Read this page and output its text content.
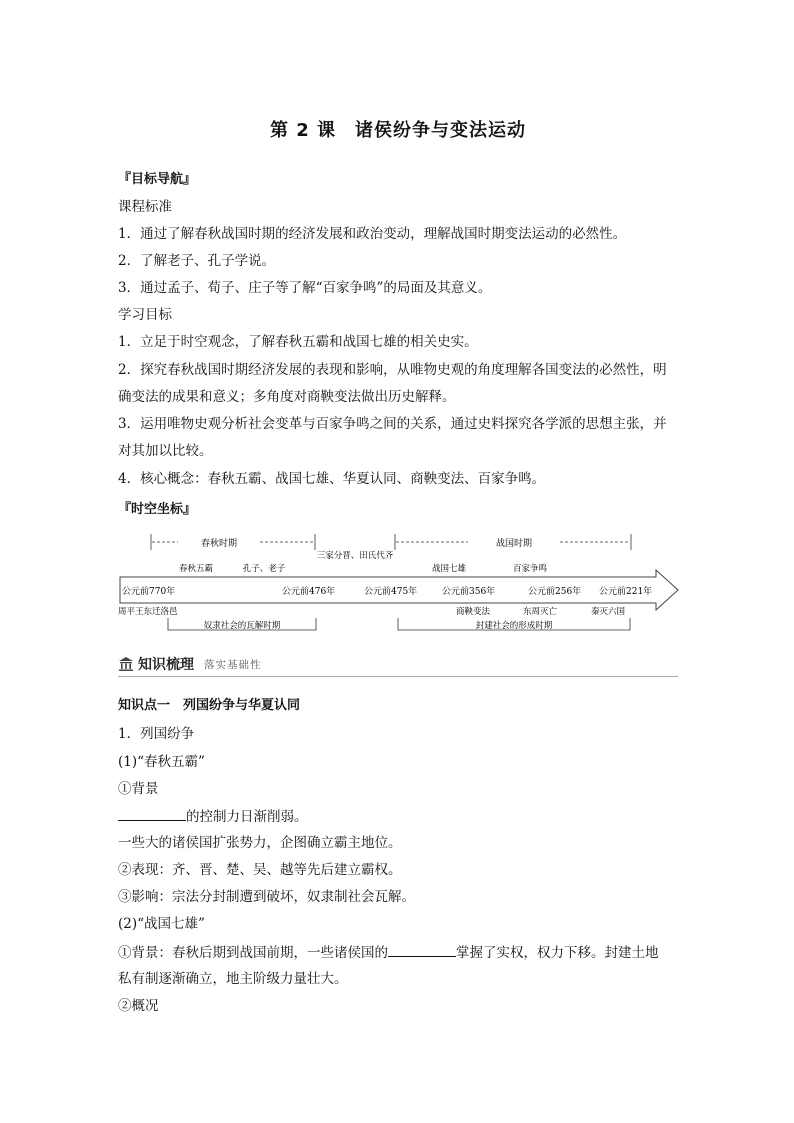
第 2 课　诸侯纷争与变法运动
『目标导航』
课程标准
1．通过了解春秋战国时期的经济发展和政治变动，理解战国时期变法运动的必然性。
2．了解老子、孔子学说。
3．通过孟子、荀子、庄子等了解“百家争鸣”的局面及其意义。
学习目标
1．立足于时空观念，了解春秋五霸和战国七雄的相关史实。
2．探究春秋战国时期经济发展的表现和影响，从唯物史观的角度理解各国变法的必然性，明
确变法的成果和意义；多角度对商鞅变法做出历史解释。
3．运用唯物史观分析社会变革与百家争鸣之间的关系，通过史料探究各学派的思想主张，并
对其加以比较。
4．核心概念：春秋五霸、战国七雄、华夏认同、商鞅变法、百家争鸣。
『时空坐标』
春秋时期	战国时期
春秋五霸	孔子、老子
三家分晋、田氏代齐
战国七雄	百家争鸣
公元前770年	公元前476年	公元前475年	公元前356年	公元前256年 公元前221年
周平王东迁洛邑	商鞅变法	东周灭亡	秦灭六国
奴隶社会的瓦解时期	封建社会的形成时期
知识梳理 落实基础性
知识点一　列国纷争与华夏认同
1．列国纷争
(1)“春秋五霸”
①背景
的控制力日渐削弱。
一些大的诸侯国扩张势力，企图确立霸主地位。
②表现：齐、晋、楚、吴、越等先后建立霸权。
③影响：宗法分封制遭到破坏，奴隶制社会瓦解。
(2)“战国七雄”
①背景：春秋后期到战国前期，一些诸侯国的	掌握了实权，权力下移。封建土地
私有制逐渐确立，地主阶级力量壮大。
②概况
